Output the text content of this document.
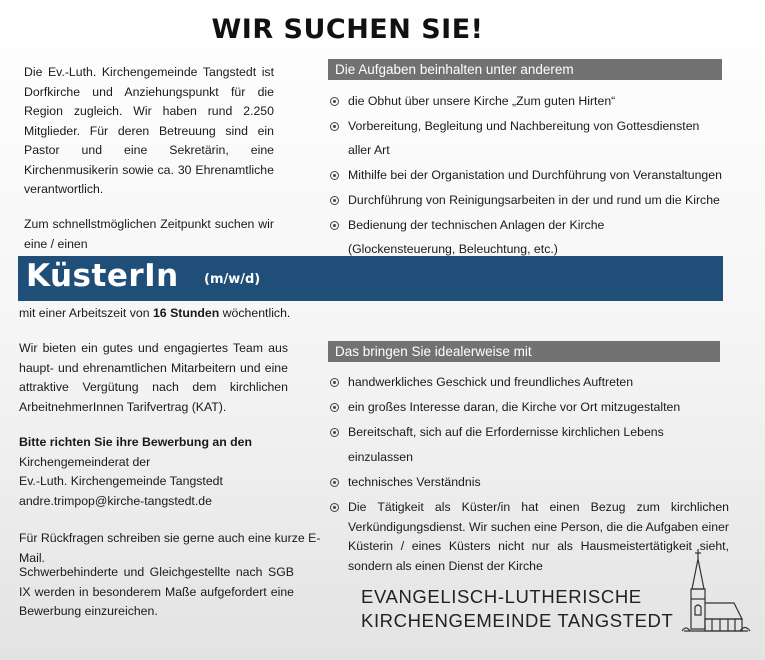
WIR SUCHEN SIE!
Die Ev.-Luth. Kirchengemeinde Tangstedt ist Dorfkirche und Anziehungspunkt für die Region zugleich. Wir haben rund 2.250 Mitglieder. Für deren Betreuung sind ein Pastor und eine Sekretärin, eine Kirchenmusikerin sowie ca. 30 Ehrenamtliche verantwortlich.
Zum schnellstmöglichen Zeitpunkt suchen wir eine / einen
Die Aufgaben beinhalten unter anderem
die Obhut über unsere Kirche „Zum guten Hirten“
Vorbereitung, Begleitung und Nachbereitung von Gottesdiensten aller Art
Mithilfe bei der Organistation und Durchführung von Veranstaltungen
Durchführung von Reinigungsarbeiten in der und rund um die Kirche
Bedienung der technischen Anlagen der Kirche (Glockensteuerung, Beleuchtung, etc.)
KüsterIn (m/w/d)
mit einer Arbeitszeit von 16 Stunden wöchentlich.
Wir bieten ein gutes und engagiertes Team aus haupt- und ehrenamtlichen Mitarbeitern und eine attraktive Vergütung nach dem kirchlichen ArbeitnehmerInnen Tarifvertrag (KAT).
Bitte richten Sie ihre Bewerbung an den
Kirchengemeinderat der
Ev.-Luth. Kirchengemeinde Tangstedt
andre.trimpop@kirche-tangstedt.de
Für Rückfragen schreiben sie gerne auch eine kurze E-Mail.
Schwerbehinderte und Gleichgestellte nach SGB IX werden in besonderem Maße aufgefordert eine Bewerbung einzureichen.
Das bringen Sie idealerweise mit
handwerkliches Geschick und freundliches Auftreten
ein großes Interesse daran, die Kirche vor Ort mitzugestalten
Bereitschaft, sich auf die Erfordernisse kirchlichen Lebens einzulassen
technisches Verständnis
Die Tätigkeit als Küster/in hat einen Bezug zum kirchlichen Verkündigungsdienst. Wir suchen eine Person, die die Aufgaben einer Küsterin / eines Küsters nicht nur als Hausmeistertätigkeit sieht, sondern als einen Dienst der Kirche
EVANGELISCH-LUTHERISCHE
KIRCHENGEMEINDE TANGSTEDT
